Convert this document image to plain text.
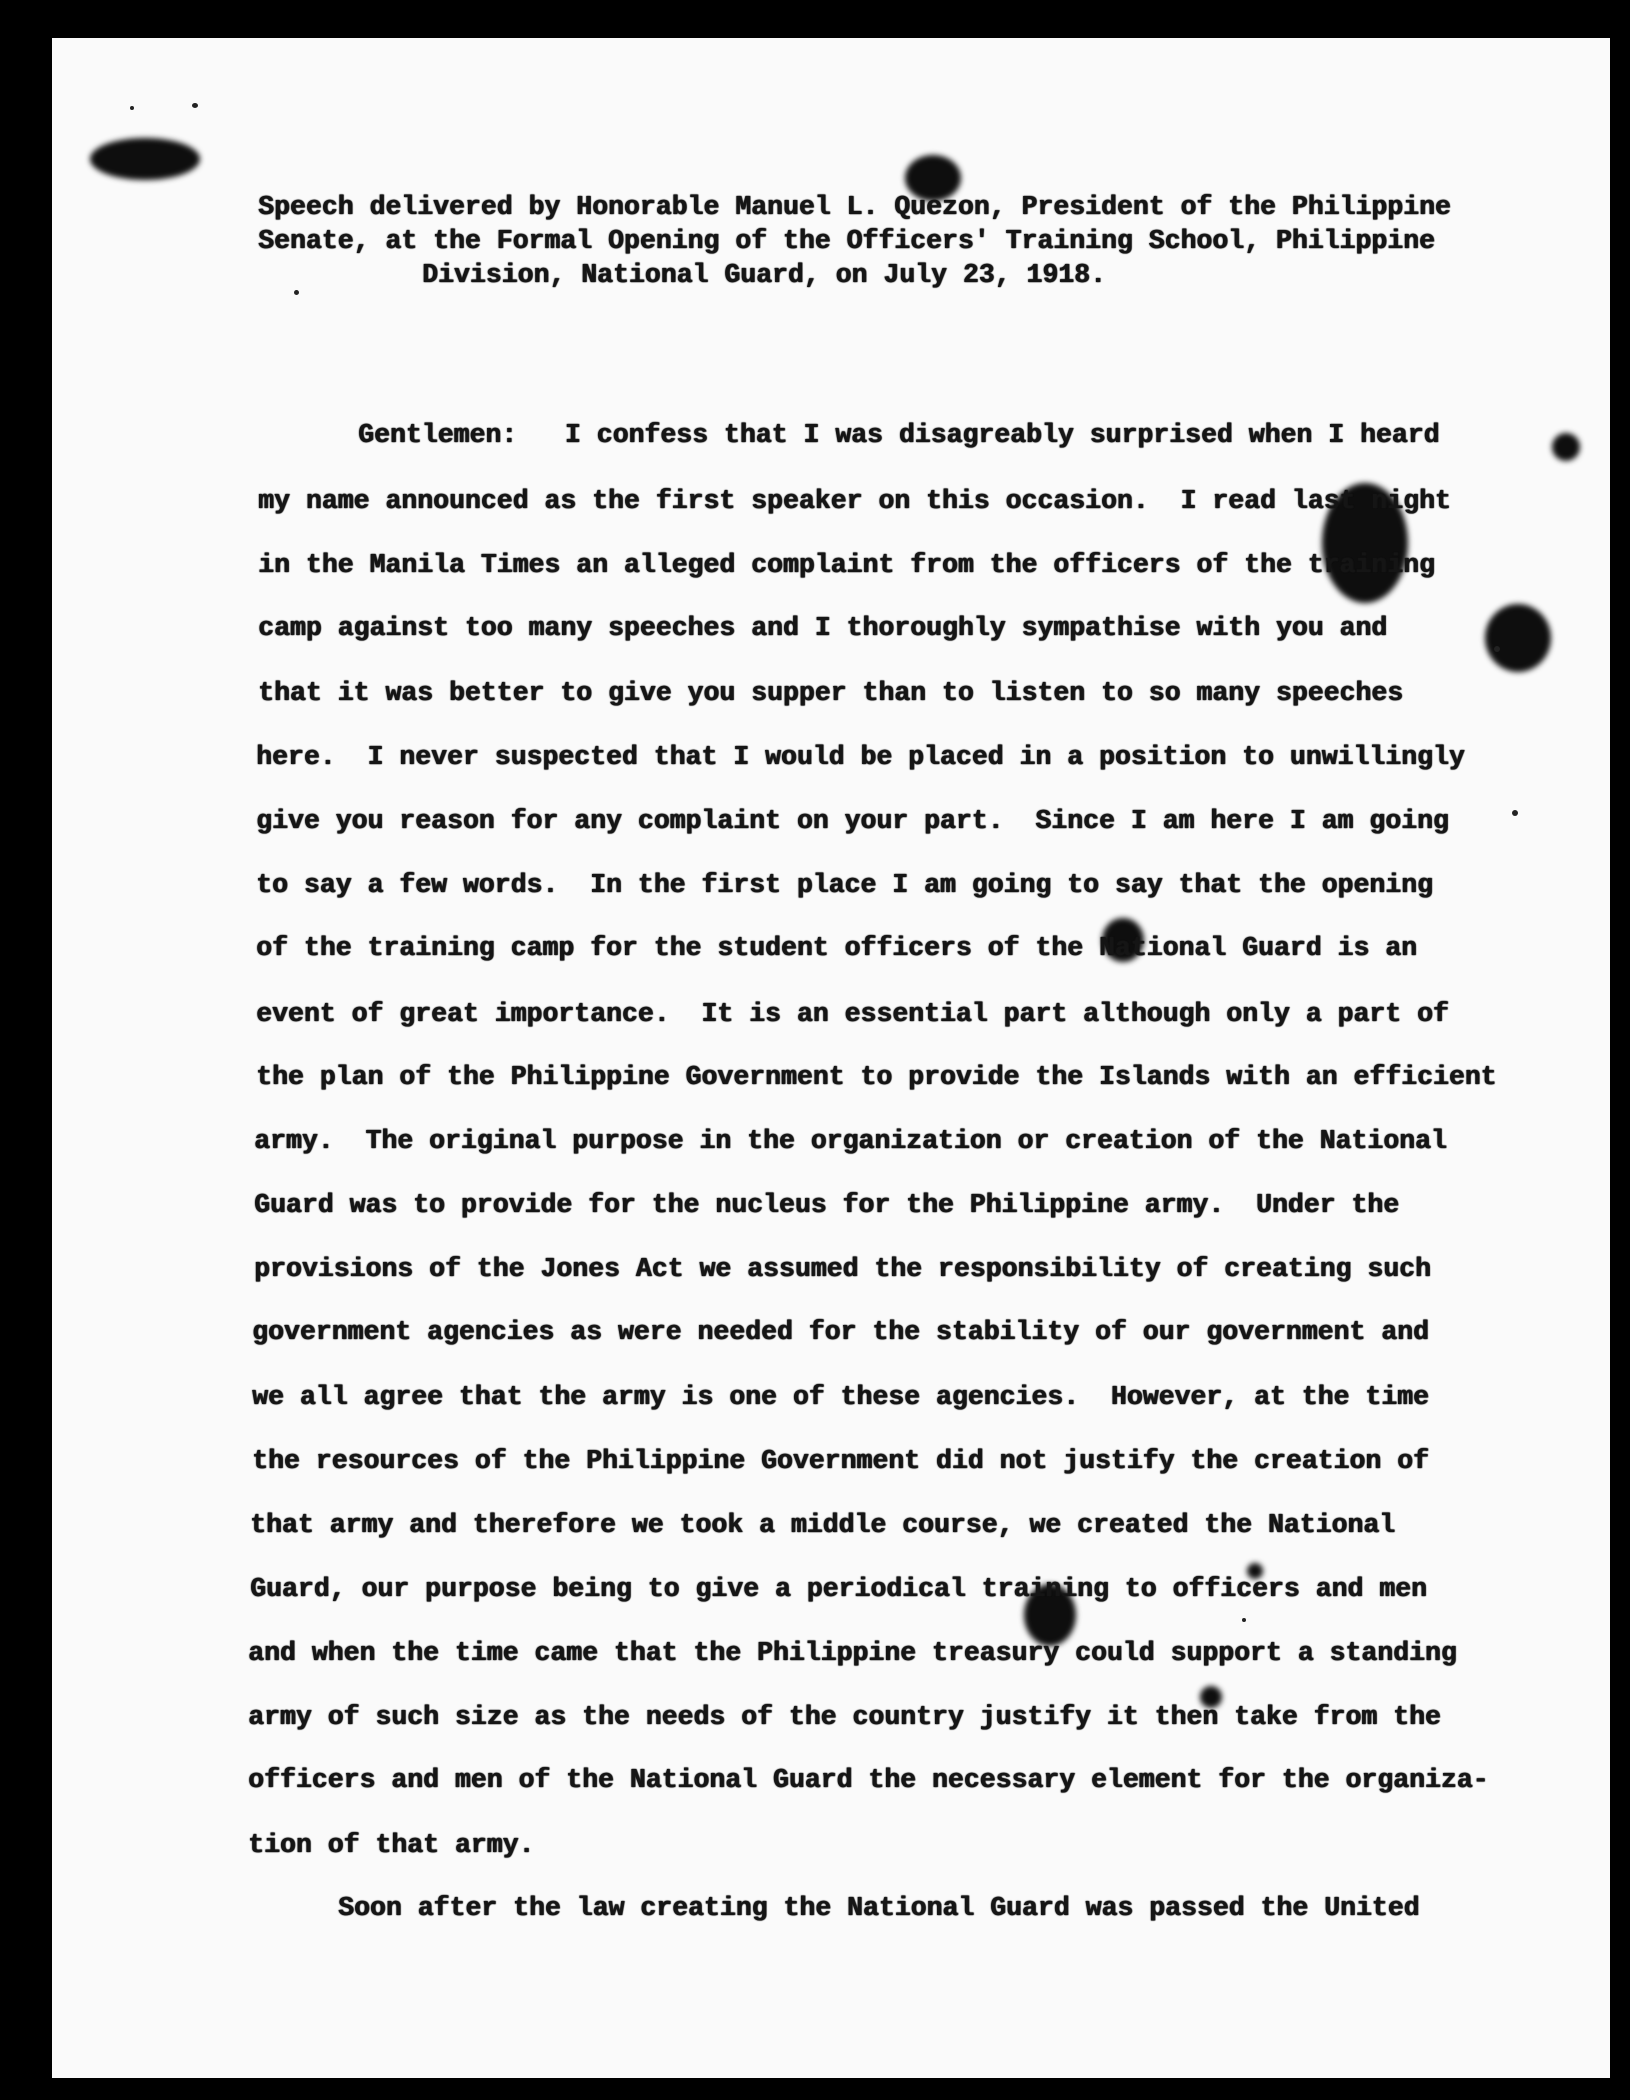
Speech delivered by Honorable Manuel L. Quezon, President of the Philippine
Senate, at the Formal Opening of the Officers' Training School, Philippine
Division, National Guard, on July 23, 1918.
Gentlemen:   I confess that I was disagreably surprised when I heard
my name announced as the first speaker on this occasion.  I read last night
in the Manila Times an alleged complaint from the officers of the training
camp against too many speeches and I thoroughly sympathise with you and
that it was better to give you supper than to listen to so many speeches
here.  I never suspected that I would be placed in a position to unwillingly
give you reason for any complaint on your part.  Since I am here I am going
to say a few words.  In the first place I am going to say that the opening
of the training camp for the student officers of the National Guard is an
event of great importance.  It is an essential part although only a part of
the plan of the Philippine Government to provide the Islands with an efficient
army.  The original purpose in the organization or creation of the National
Guard was to provide for the nucleus for the Philippine army.  Under the
provisions of the Jones Act we assumed the responsibility of creating such
government agencies as were needed for the stability of our government and
we all agree that the army is one of these agencies.  However, at the time
the resources of the Philippine Government did not justify the creation of
that army and therefore we took a middle course, we created the National
Guard, our purpose being to give a periodical training to officers and men
and when the time came that the Philippine treasury could support a standing
army of such size as the needs of the country justify it then take from the
officers and men of the National Guard the necessary element for the organiza-
tion of that army.
Soon after the law creating the National Guard was passed the United
